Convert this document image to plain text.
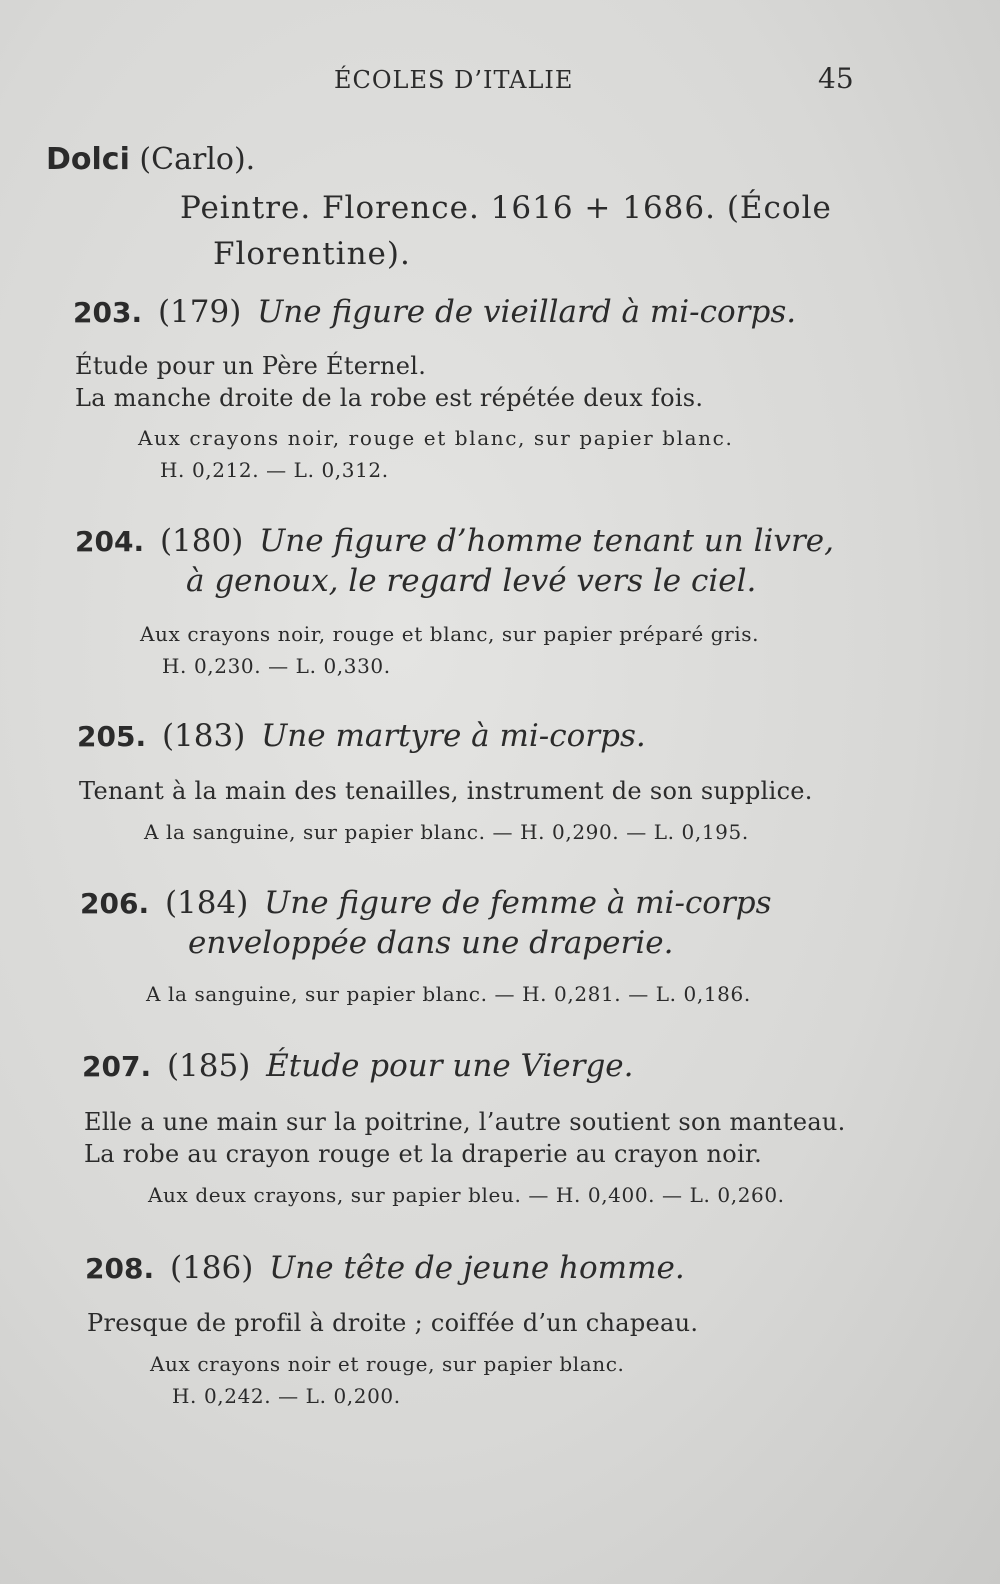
ÉCOLES D’ITALIE	45
Dolci (Carlo).
Peintre. Florence. 1616 + 1686. (École
Florentine).
203. (179) Une figure de vieillard à mi-corps.
Étude pour un Père Éternel.
La manche droite de la robe est répétée deux fois.
Aux crayons noir, rouge et blanc, sur papier blanc.
H. 0,212. — L. 0,312.
204. (180) Une figure d’homme tenant un livre,
à genoux, le regard levé vers le ciel.
Aux crayons noir, rouge et blanc, sur papier préparé gris.
H. 0,230. — L. 0,330.
205. (183) Une martyre à mi-corps.
Tenant à la main des tenailles, instrument de son supplice.
A la sanguine, sur papier blanc. — H. 0,290. — L. 0,195.
206. (184) Une figure de femme à mi-corps
enveloppée dans une draperie.
A la sanguine, sur papier blanc. — H. 0,281. — L. 0,186.
207. (185) Étude pour une Vierge.
Elle a une main sur la poitrine, l’autre soutient son manteau.
La robe au crayon rouge et la draperie au crayon noir.
Aux deux crayons, sur papier bleu. — H. 0,400. — L. 0,260.
208. (186) Une tête de jeune homme.
Presque de profil à droite ; coiffée d’un chapeau.
Aux crayons noir et rouge, sur papier blanc.
H. 0,242. — L. 0,200.
